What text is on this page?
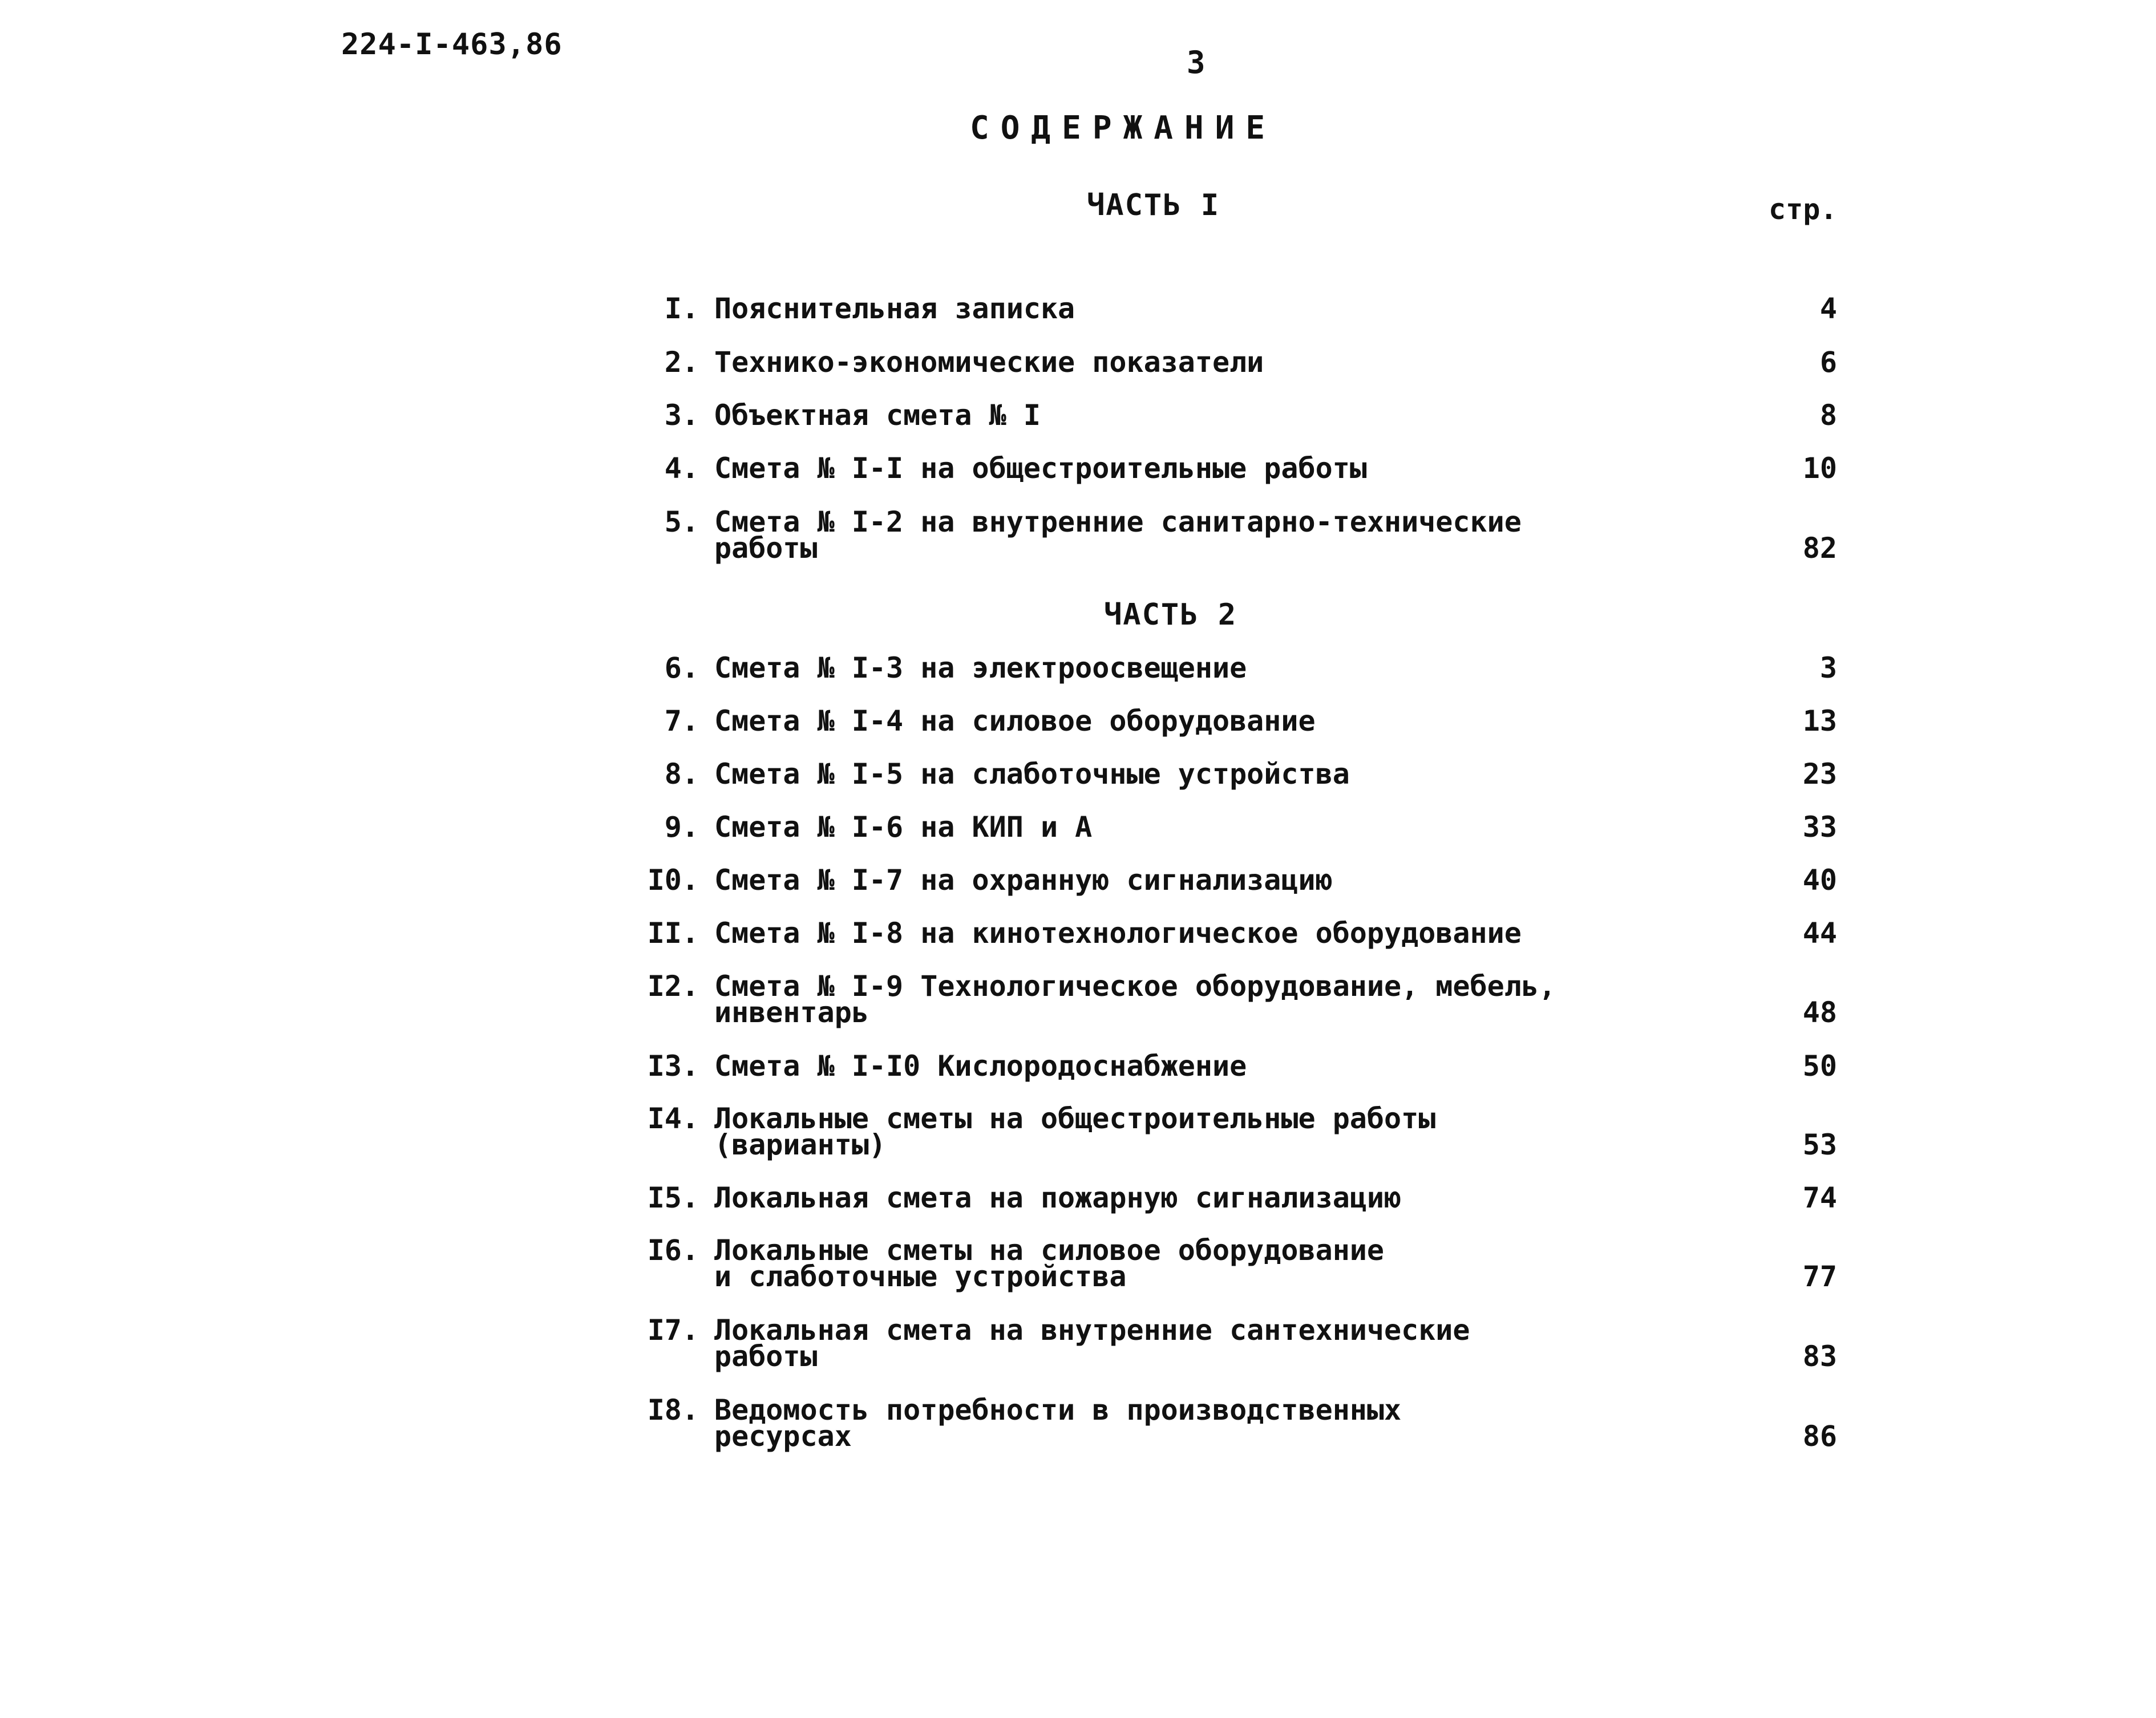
224-I-463,86	3
СОДЕРЖАНИЕ
ЧАСТЬ I	стр.
I. Пояснительная записка	4
2. Технико-экономические показатели	6
3. Объектная смета № I	8
4. Смета № I-I на общестроительные работы	10
5. Смета № I-2 на внутренние санитарно-технические
работы	82
ЧАСТЬ 2
6. Смета № I-3 на электроосвещение	3
7. Смета № I-4 на силовое оборудование	13
8. Смета № I-5 на слаботочные устройства	23
9. Смета № I-6 на КИП и А	33
I0. Смета № I-7 на охранную сигнализацию	40
II. Смета № I-8 на кинотехнологическое оборудование	44
I2. Смета № I-9 Технологическое оборудование, мебель,
инвентарь	48
I3. Смета № I-I0 Кислородоснабжение	50
I4. Локальные сметы на общестроительные работы
(варианты)	53
I5. Локальная смета на пожарную сигнализацию	74
I6. Локальные сметы на силовое оборудование
и слаботочные устройства	77
I7. Локальная смета на внутренние сантехнические
работы	83
I8. Ведомость потребности в производственных
ресурсах	86
